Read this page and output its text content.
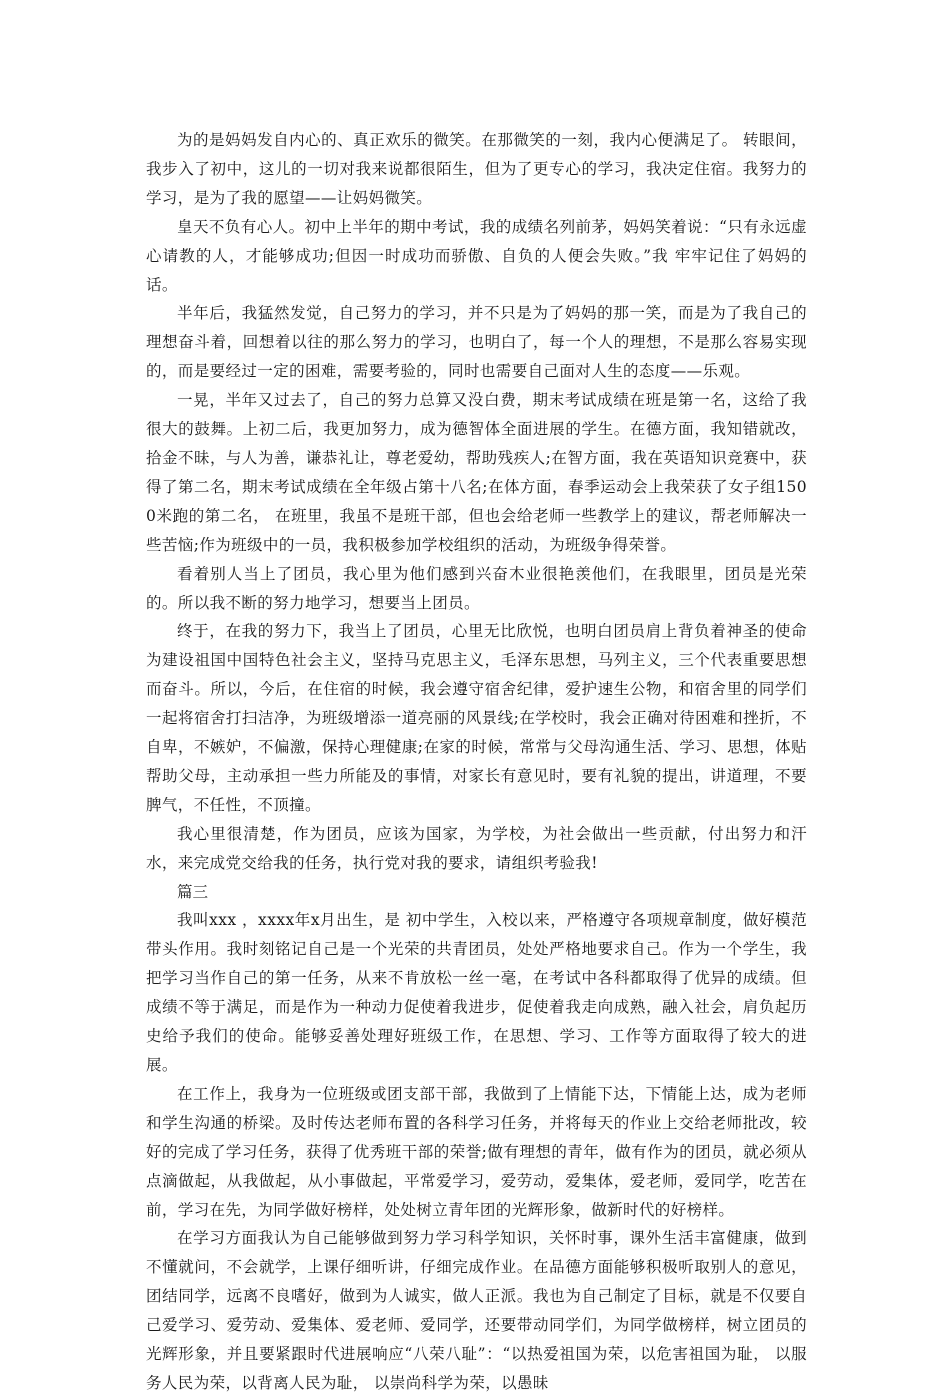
为的是妈妈发自内心的、真正欢乐的微笑。在那微笑的一刻，我内心便满足了。 转眼间，我步入了初中，这儿的一切对我来说都很陌生，但为了更专心的学习，我决定住宿。我努力的学习，是为了我的愿望——让妈妈微笑。

皇天不负有心人。初中上半年的期中考试，我的成绩名列前茅，妈妈笑着说：“只有永远虚心请教的人，才能够成功;但因一时成功而骄傲、自负的人便会失败。”我 牢牢记住了妈妈的话。

半年后，我猛然发觉，自己努力的学习，并不只是为了妈妈的那一笑，而是为了我自己的理想奋斗着，回想着以往的那么努力的学习，也明白了，每一个人的理想，不是那么容易实现的，而是要经过一定的困难，需要考验的，同时也需要自己面对人生的态度——乐观。

一晃，半年又过去了，自己的努力总算又没白费，期末考试成绩在班是第一名，这给了我很大的鼓舞。上初二后，我更加努力，成为德智体全面进展的学生。在德方面，我知错就改，拾金不昧，与人为善，谦恭礼让，尊老爱幼，帮助残疾人;在智方面，我在英语知识竞赛中，获得了第二名，期末考试成绩在全年级占第十八名;在体方面，春季运动会上我荣获了女子组1500米跑的第二名， 在班里，我虽不是班干部，但也会给老师一些教学上的建议，帮老师解决一些苦恼;作为班级中的一员，我积极参加学校组织的活动，为班级争得荣誉。

看着别人当上了团员，我心里为他们感到兴奋木业很艳羡他们，在我眼里，团员是光荣的。所以我不断的努力地学习，想要当上团员。

终于，在我的努力下，我当上了团员，心里无比欣悦，也明白团员肩上背负着神圣的使命为建设祖国中国特色社会主义，坚持马克思主义，毛泽东思想，马列主义，三个代表重要思想而奋斗。所以，今后，在住宿的时候，我会遵守宿舍纪律，爱护速生公物，和宿舍里的同学们一起将宿舍打扫洁净，为班级增添一道亮丽的风景线;在学校时，我会正确对待困难和挫折，不自卑，不嫉妒，不偏激，保持心理健康;在家的时候，常常与父母沟通生活、学习、思想，体贴帮助父母，主动承担一些力所能及的事情，对家长有意见时，要有礼貌的提出，讲道理，不要脾气，不任性，不顶撞。

我心里很清楚，作为团员，应该为国家，为学校，为社会做出一些贡献，付出努力和汗水，来完成党交给我的任务，执行党对我的要求，请组织考验我!

篇三

我叫xxx ，xxxx年x月出生，是 初中学生，入校以来，严格遵守各项规章制度，做好模范带头作用。我时刻铭记自己是一个光荣的共青团员，处处严格地要求自己。作为一个学生，我把学习当作自己的第一任务，从来不肯放松一丝一毫，在考试中各科都取得了优异的成绩。但成绩不等于满足，而是作为一种动力促使着我进步，促使着我走向成熟，融入社会，肩负起历史给予我们的使命。能够妥善处理好班级工作，在思想、学习、工作等方面取得了较大的进展。

在工作上，我身为一位班级或团支部干部，我做到了上情能下达，下情能上达，成为老师和学生沟通的桥梁。及时传达老师布置的各科学习任务，并将每天的作业上交给老师批改，较好的完成了学习任务，获得了优秀班干部的荣誉;做有理想的青年，做有作为的团员，就必须从点滴做起，从我做起，从小事做起，平常爱学习，爱劳动，爱集体，爱老师，爱同学，吃苦在前，学习在先，为同学做好榜样，处处树立青年团的光辉形象，做新时代的好榜样。

在学习方面我认为自己能够做到努力学习科学知识，关怀时事，课外生活丰富健康，做到不懂就问，不会就学，上课仔细听讲，仔细完成作业。在品德方面能够积极听取别人的意见，团结同学，远离不良嗜好，做到为人诚实，做人正派。我也为自己制定了目标，就是不仅要自己爱学习、爱劳动、爱集体、爱老师、爱同学，还要带动同学们，为同学做榜样，树立团员的光辉形象，并且要紧跟时代进展响应“八荣八耻”：“以热爱祖国为荣，以危害祖国为耻， 以服务人民为荣，以背离人民为耻， 以崇尚科学为荣，以愚昧
